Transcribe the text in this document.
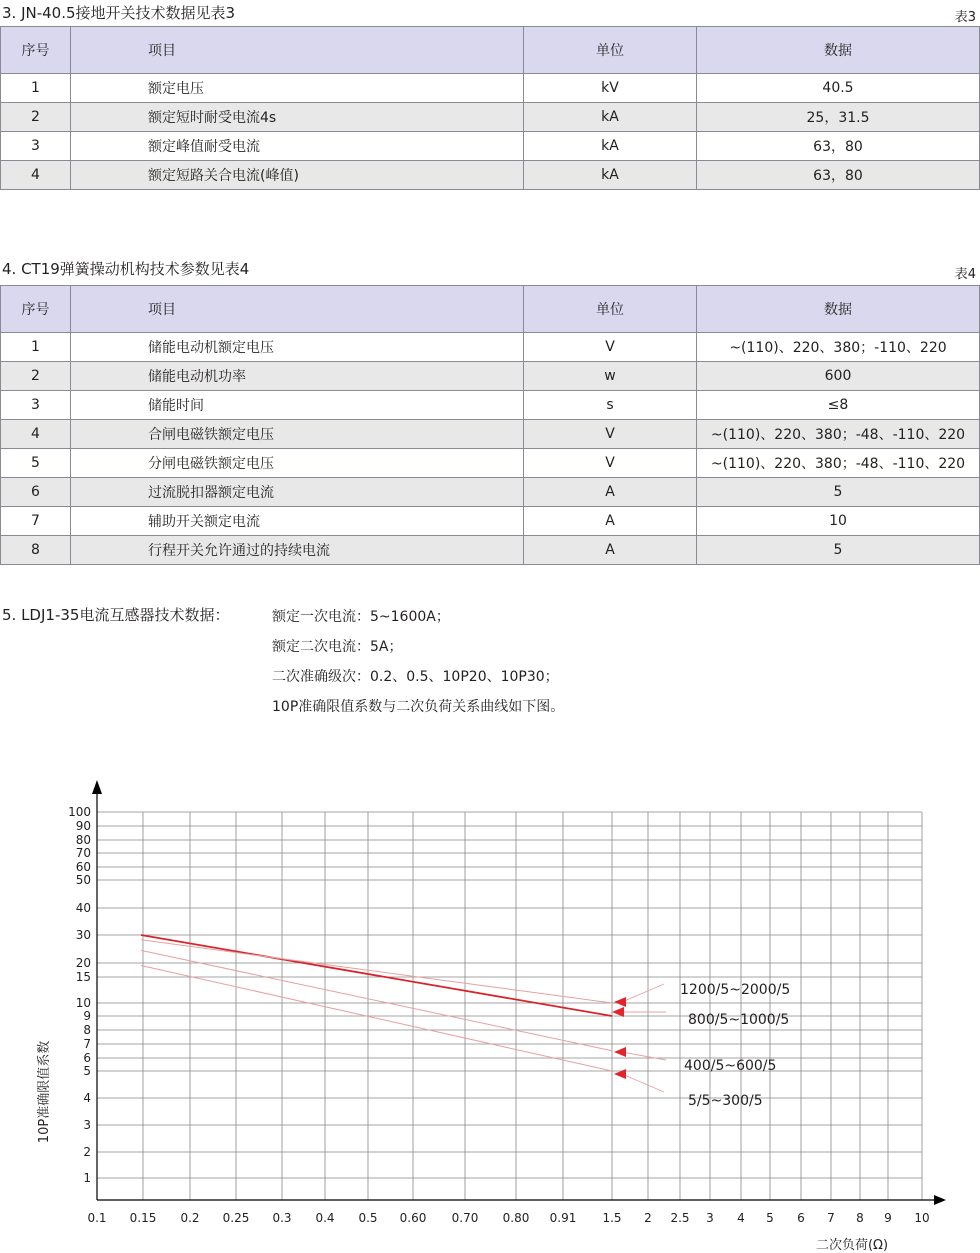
3. JN-40.5接地开关技术数据见表3	表3
序号	项目	单位	数据
1	额定电压	kV	40.5
2	额定短时耐受电流4s	kA	25，31.5
3	额定峰值耐受电流	kA	63，80
4	额定短路关合电流(峰值)	kA	63，80
4. CT19弹簧操动机构技术参数见表4	表4
序号	项目	单位	数据
1	储能电动机额定电压	V	~(110)、220、380；-110、220
2	储能电动机功率	w	600
3	储能时间	s	≤8
4	合闸电磁铁额定电压	V	~(110)、220、380；-48、-110、220
5	分闸电磁铁额定电压	V	~(110)、220、380；-48、-110、220
6	过流脱扣器额定电流	A	5
7	辅助开关额定电流	A	10
8	行程开关允许通过的持续电流	A	5
5. LDJ1-35电流互感器技术数据：	额定一次电流：5~1600A；
额定二次电流：5A；
二次准确级次：0.2、0.5、10P20、10P30；
10P准确限值系数与二次负荷关系曲线如下图。
0.1 0.15 0.2 0.25 0.3 0.4 0.5 0.60 0.70 0.80 0.91 1.5 2 2.5 3 4 5 6 7 8 9 10
1
2
3
4
5
6
7
8
9
10
15
20
30
40
50
60
70
80
90
100
1200/5~2000/5
800/5~1000/5
400/5~600/5
5/5~300/5
二次负荷(Ω)
10P准确限值系数
